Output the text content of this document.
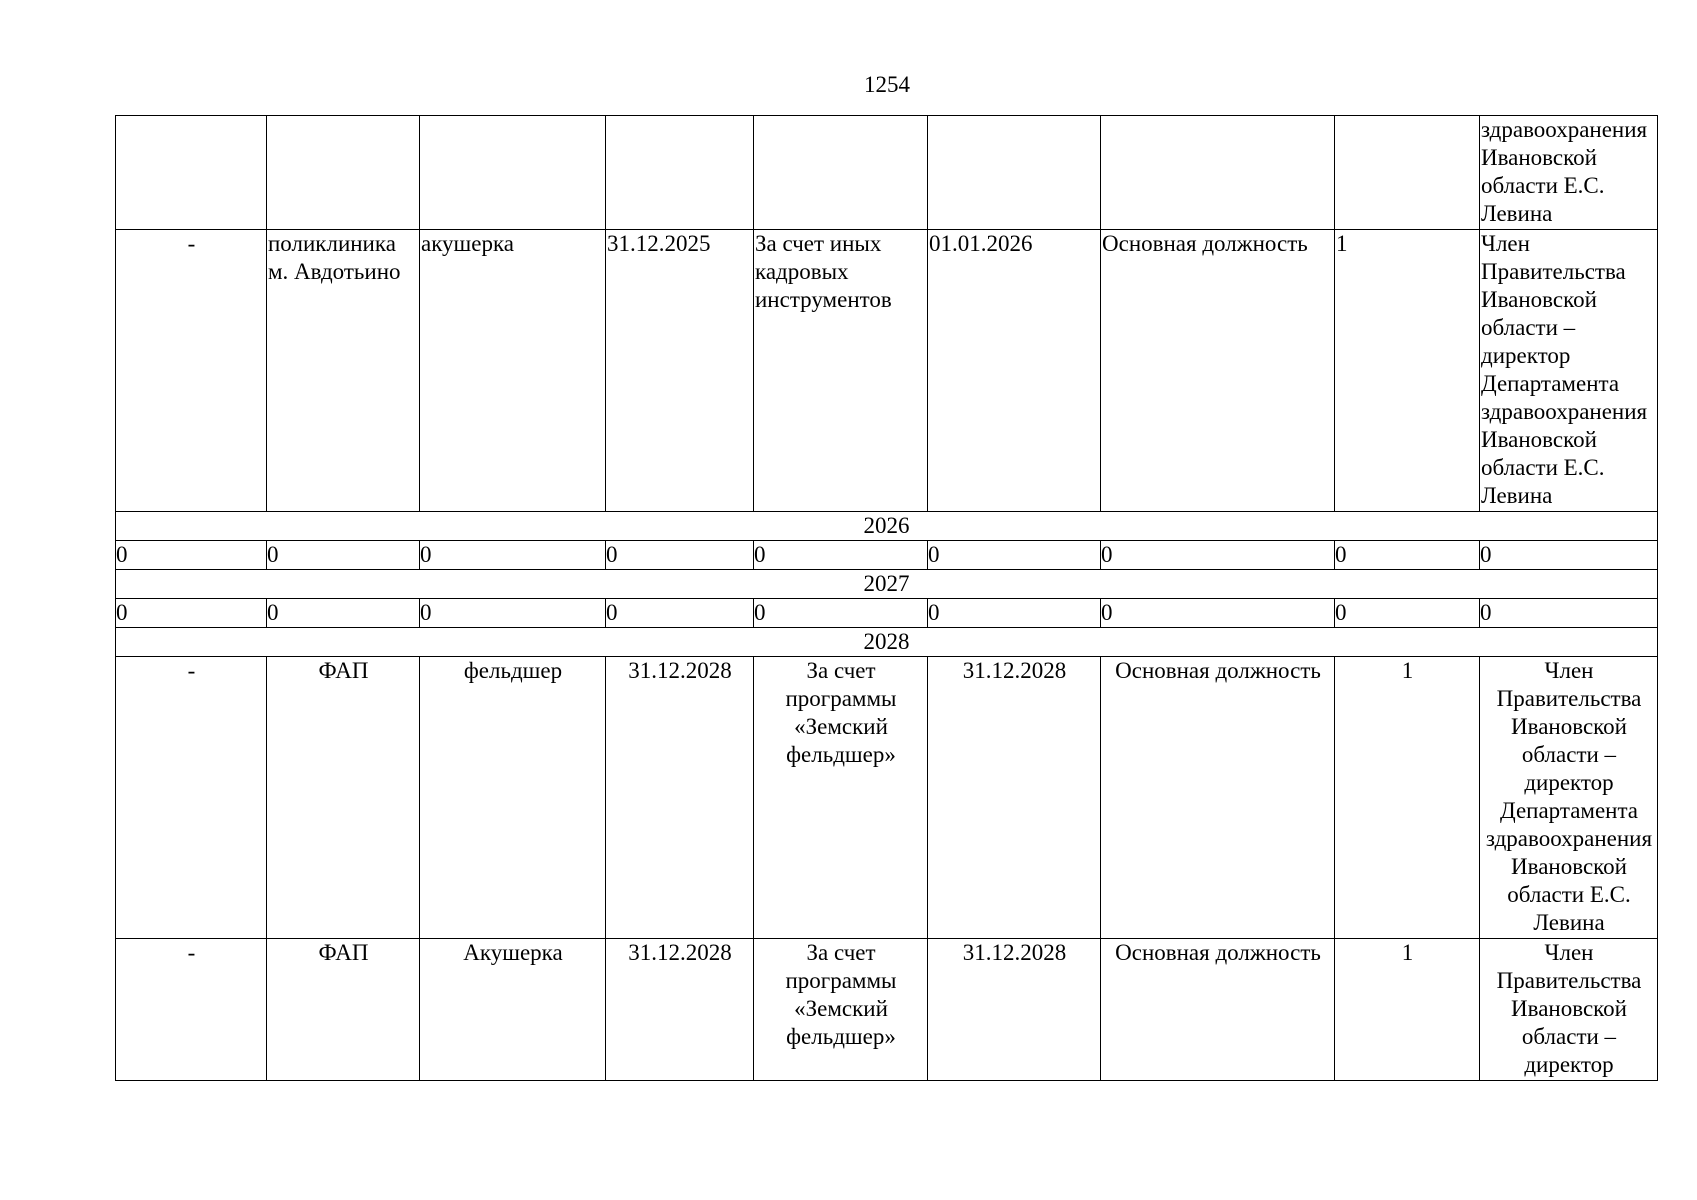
1254
								здравоохранения Ивановской области Е.С. Левина
-	поликлиника м. Авдотьино	акушерка	31.12.2025	За счет иных кадровых инструментов	01.01.2026	Основная должность	1	Член Правительства Ивановской области – директор Департамента здравоохранения Ивановской области Е.С. Левина
2026								
0	0	0	0	0	0	0	0	0
2027								
0	0	0	0	0	0	0	0	0
2028								
-	ФАП	фельдшер	31.12.2028	За счет программы «Земский фельдшер»	31.12.2028	Основная должность	1	Член Правительства Ивановской области – директор Департамента здравоохранения Ивановской области Е.С. Левина
-	ФАП	Акушерка	31.12.2028	За счет программы «Земский фельдшер»	31.12.2028	Основная должность	1	Член Правительства Ивановской области – директор
